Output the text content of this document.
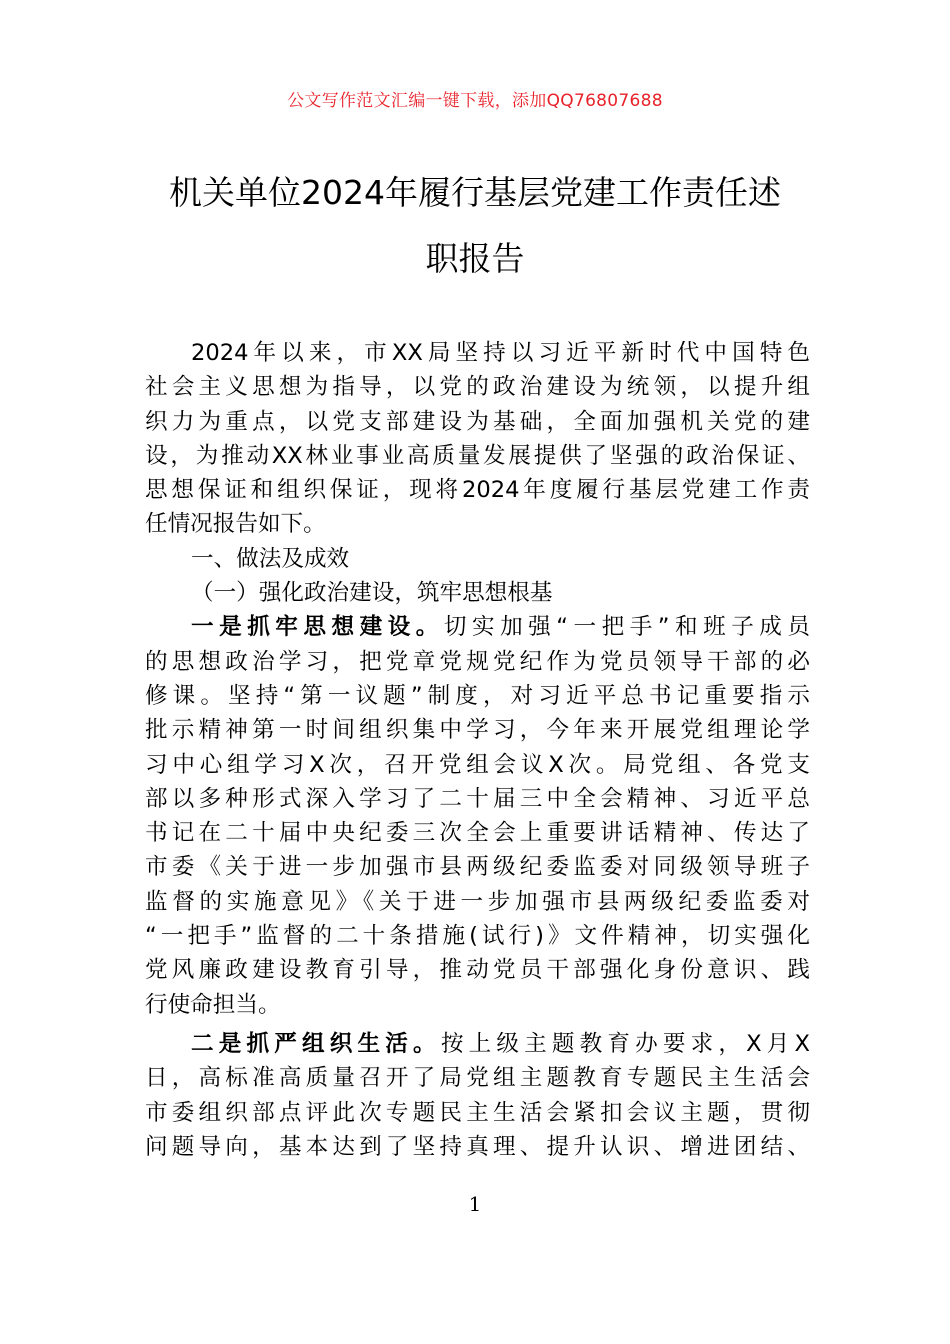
公文写作范文汇编一键下载，添加QQ76807688
机关单位2024年履行基层党建工作责任述
职报告
2024年以来，市XX局坚持以习近平新时代中国特色
社会主义思想为指导，以党的政治建设为统领，以提升组
织力为重点，以党支部建设为基础，全面加强机关党的建
设，为推动XX林业事业高质量发展提供了坚强的政治保证、
思想保证和组织保证，现将2024年度履行基层党建工作责
任情况报告如下。
一、做法及成效
（一）强化政治建设，筑牢思想根基
一是抓牢思想建设。切实加强“一把手”和班子成员
的思想政治学习，把党章党规党纪作为党员领导干部的必
修课。坚持“第一议题”制度，对习近平总书记重要指示
批示精神第一时间组织集中学习，今年来开展党组理论学
习中心组学习X次，召开党组会议X次。局党组、各党支
部以多种形式深入学习了二十届三中全会精神、习近平总
书记在二十届中央纪委三次全会上重要讲话精神、传达了
市委《关于进一步加强市县两级纪委监委对同级领导班子
监督的实施意见》《关于进一步加强市县两级纪委监委对
“一把手”监督的二十条措施(试行)》文件精神，切实强化
党风廉政建设教育引导，推动党员干部强化身份意识、践
行使命担当。
二是抓严组织生活。按上级主题教育办要求，X月X
日，高标准高质量召开了局党组主题教育专题民主生活会
市委组织部点评此次专题民主生活会紧扣会议主题，贯彻
问题导向，基本达到了坚持真理、提升认识、增进团结、
1
